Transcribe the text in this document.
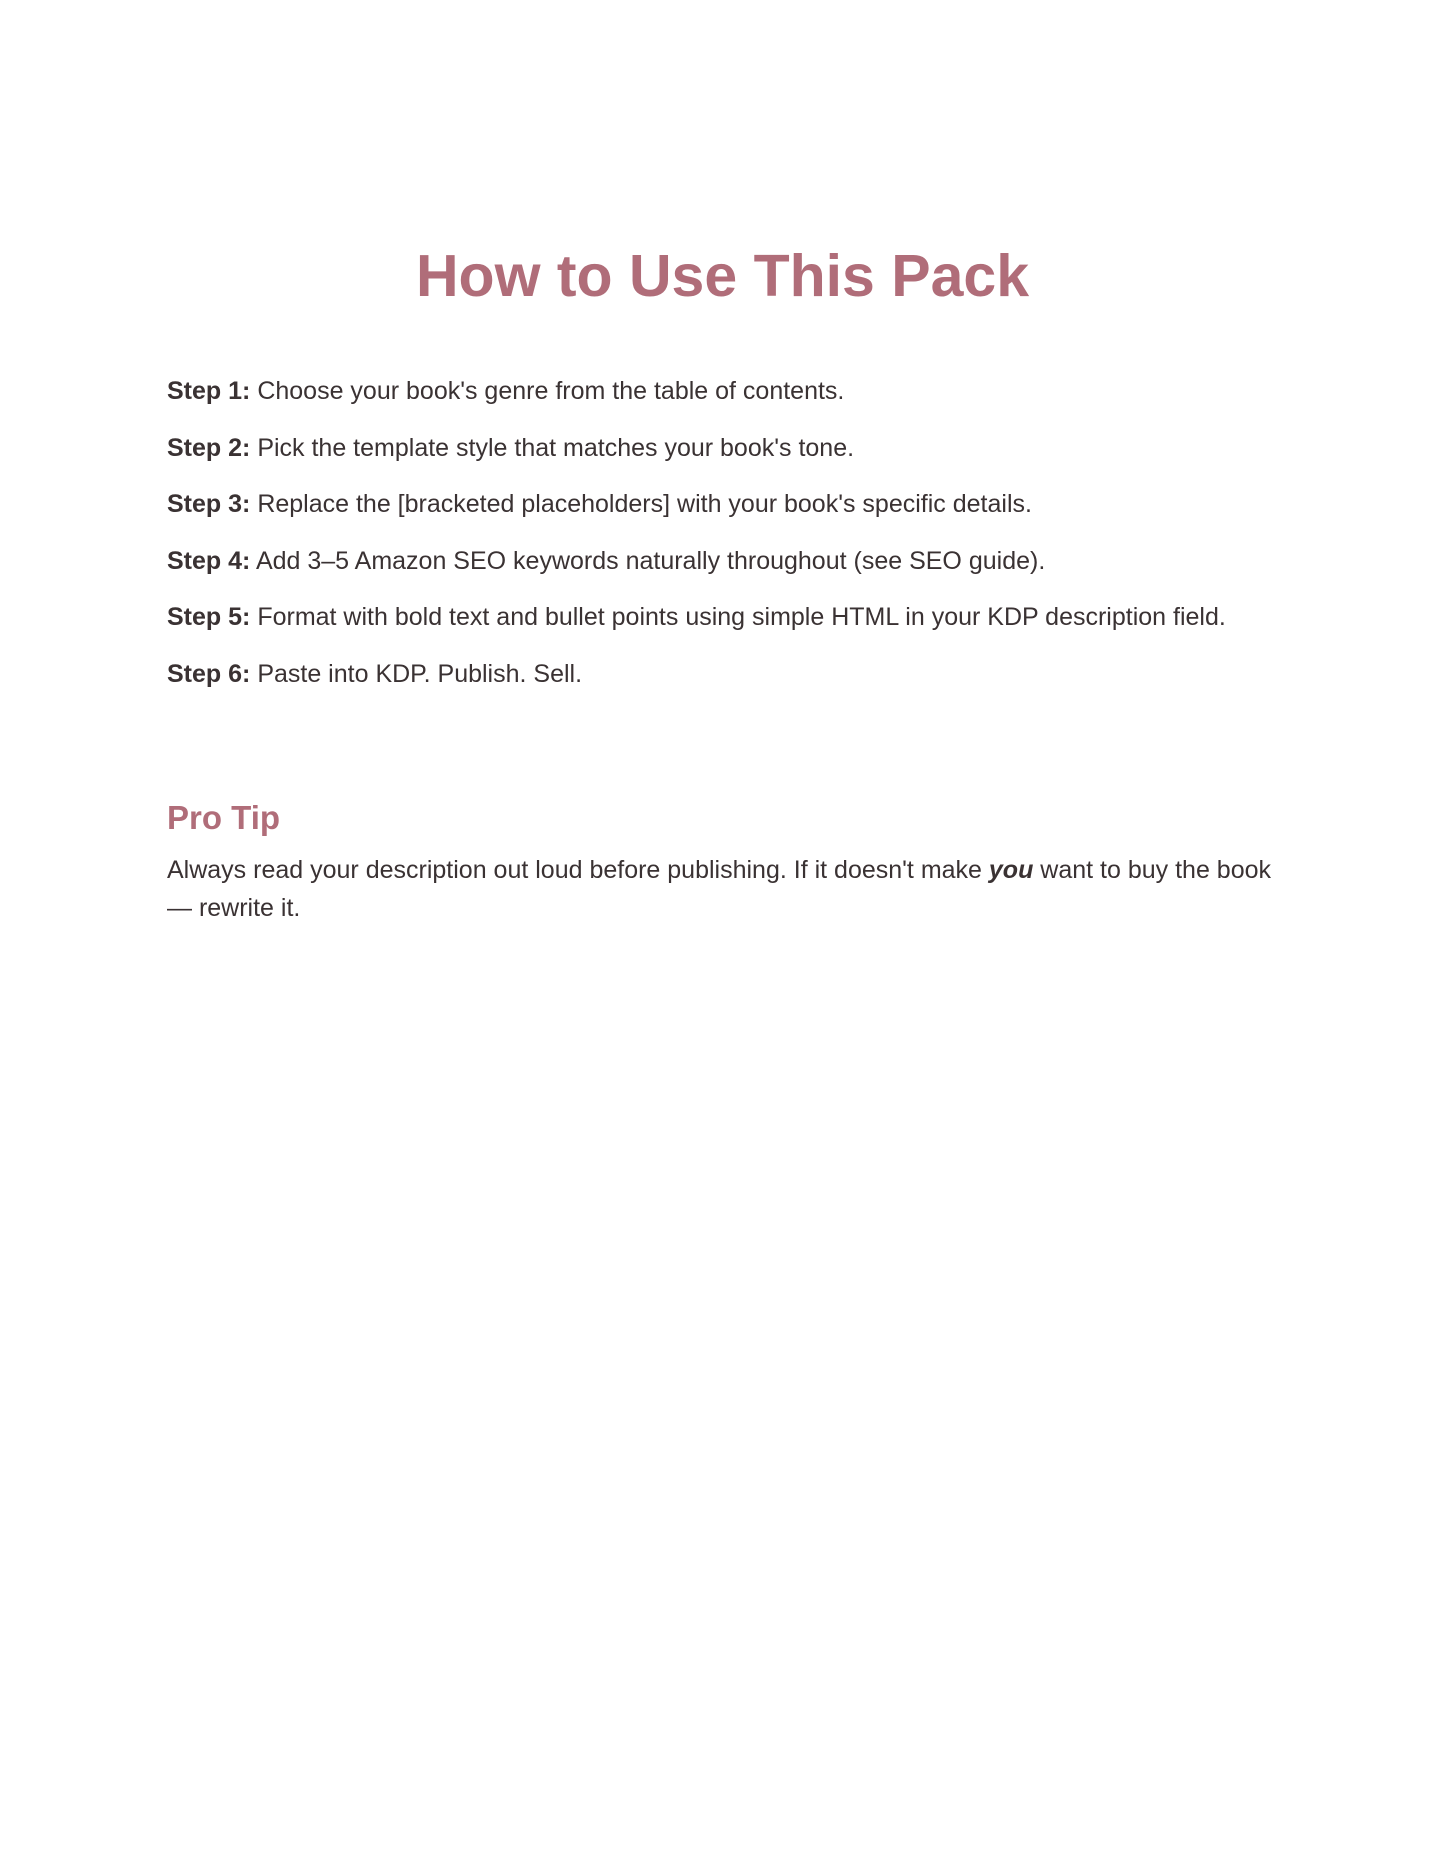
How to Use This Pack
Step 1: Choose your book's genre from the table of contents.
Step 2: Pick the template style that matches your book's tone.
Step 3: Replace the [bracketed placeholders] with your book's specific details.
Step 4: Add 3–5 Amazon SEO keywords naturally throughout (see SEO guide).
Step 5: Format with bold text and bullet points using simple HTML in your KDP description field.
Step 6: Paste into KDP. Publish. Sell.
Pro Tip

Always read your description out loud before publishing. If it doesn't make you want to buy the book — rewrite it.
